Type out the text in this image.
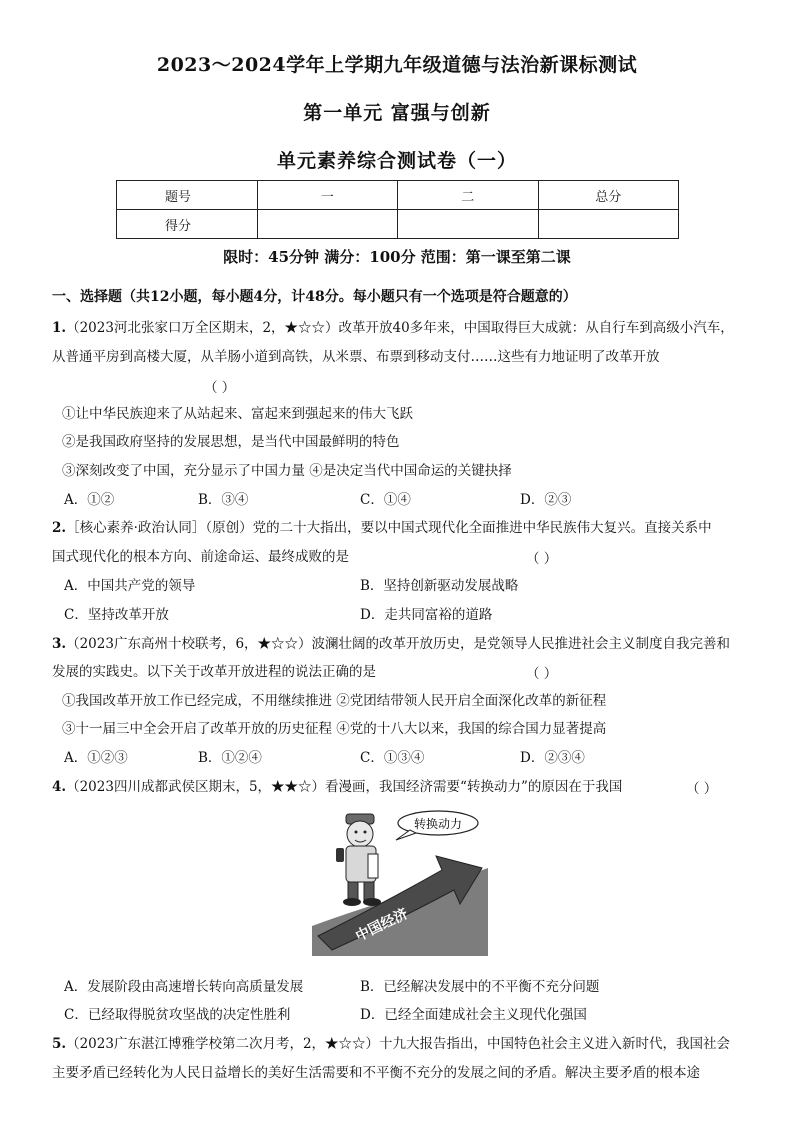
2023～2024学年上学期九年级道德与法治新课标测试
第一单元 富强与创新
单元素养综合测试卷（一）
题号	一	二	总分
得分			
限时：45分钟 满分：100分 范围：第一课至第二课
一、选择题（共12小题，每小题4分，计48分。每小题只有一个选项是符合题意的）
1.（2023河北张家口万全区期末，2，★☆☆）改革开放40多年来，中国取得巨大成就：从自行车到高级小汽车，
从普通平房到高楼大厦，从羊肠小道到高铁，从米票、布票到移动支付……这些有力地证明了改革开放
（ ）
①让中华民族迎来了从站起来、富起来到强起来的伟大飞跃
②是我国政府坚持的发展思想，是当代中国最鲜明的特色
③深刻改变了中国，充分显示了中国力量 ④是决定当代中国命运的关键抉择
A．①②	B．③④	C．①④	D．②③
2.［核心素养·政治认同］（原创）党的二十大指出，要以中国式现代化全面推进中华民族伟大复兴。直接关系中
国式现代化的根本方向、前途命运、最终成败的是	（ ）
A．中国共产党的领导	B．坚持创新驱动发展战略
C．坚持改革开放	D．走共同富裕的道路
3.（2023广东高州十校联考，6，★☆☆）波澜壮阔的改革开放历史，是党领导人民推进社会主义制度自我完善和
发展的实践史。以下关于改革开放进程的说法正确的是	（ ）
①我国改革开放工作已经完成，不用继续推进 ②党团结带领人民开启全面深化改革的新征程
③十一届三中全会开启了改革开放的历史征程 ④党的十八大以来，我国的综合国力显著提高
A．①②③	B．①②④	C．①③④	D．②③④
4.（2023四川成都武侯区期末，5，★★☆）看漫画，我国经济需要“转换动力”的原因在于我国	（ ）
中国经济
转换动力
A．发展阶段由高速增长转向高质量发展	B．已经解决发展中的不平衡不充分问题
C．已经取得脱贫攻坚战的决定性胜利	D．已经全面建成社会主义现代化强国
5.（2023广东湛江博雅学校第二次月考，2，★☆☆）十九大报告指出，中国特色社会主义进入新时代，我国社会
主要矛盾已经转化为人民日益增长的美好生活需要和不平衡不充分的发展之间的矛盾。解决主要矛盾的根本途
